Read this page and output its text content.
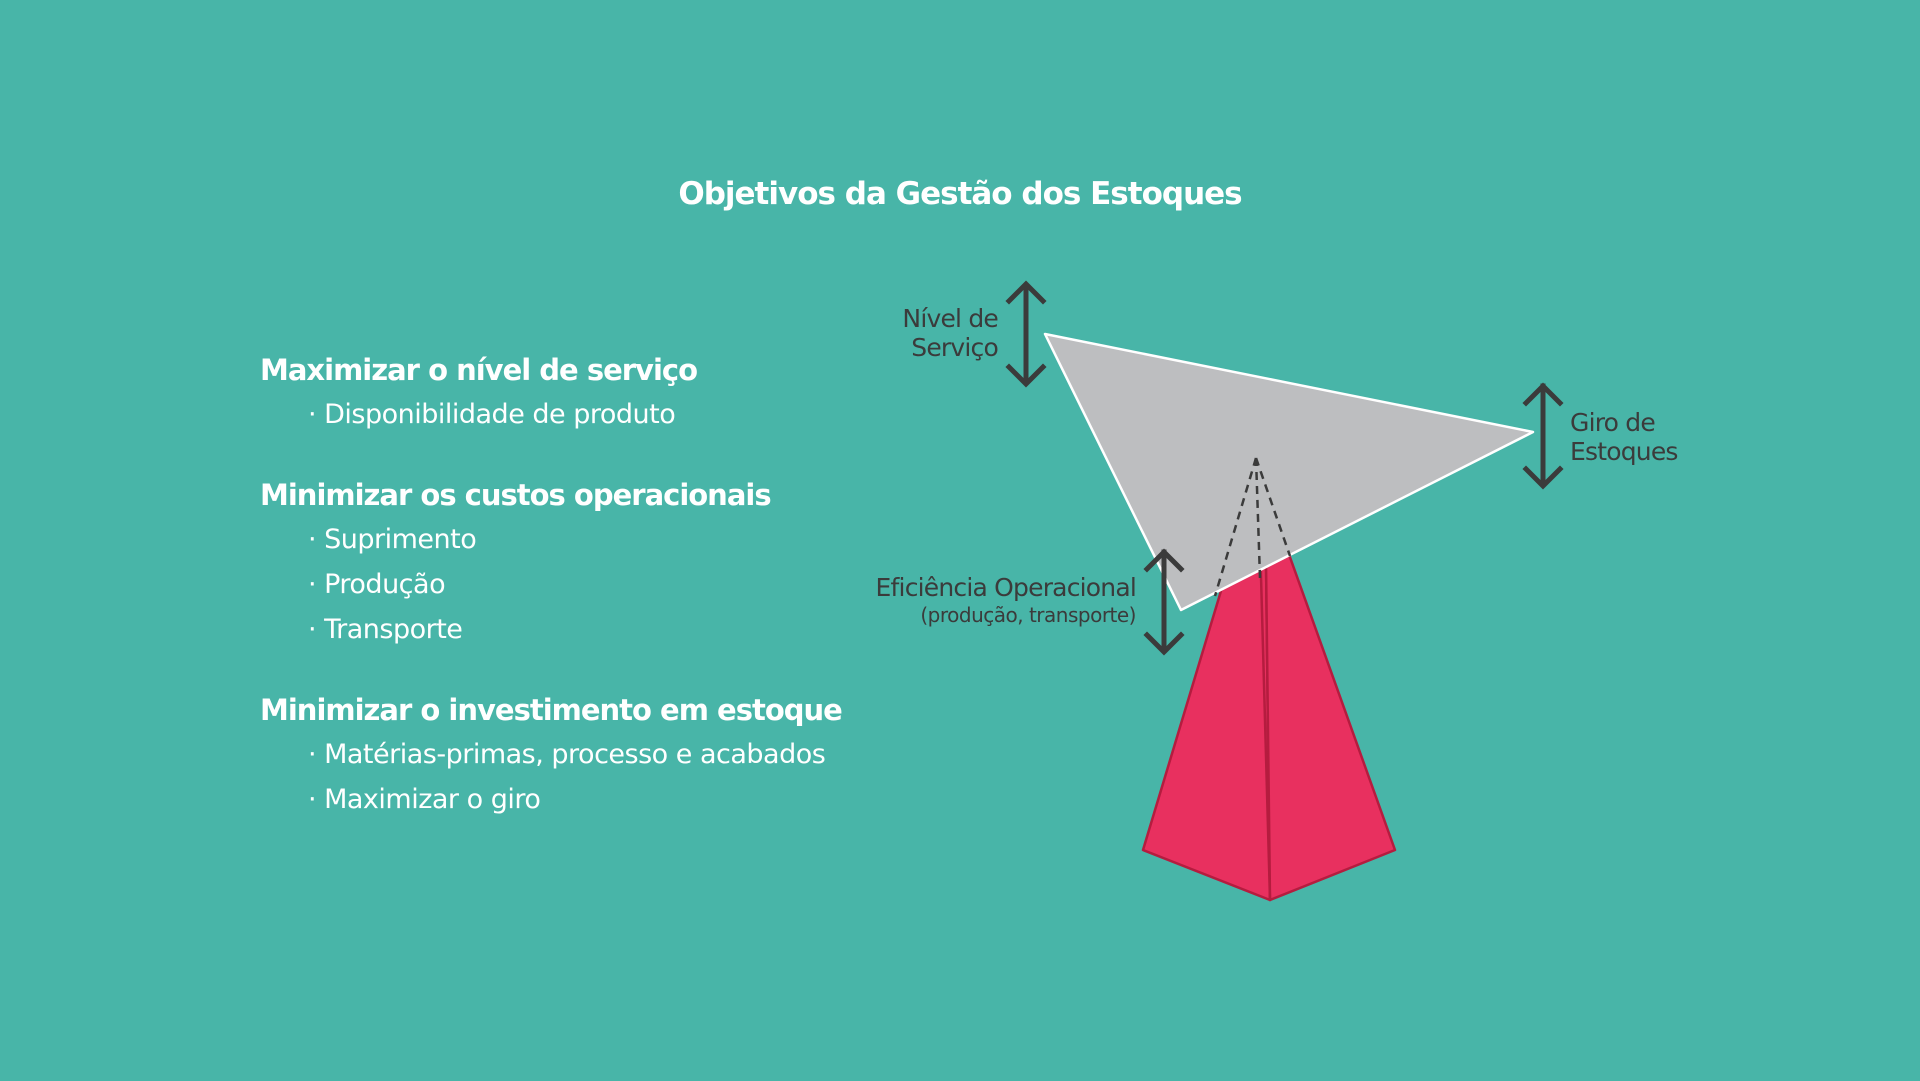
Objetivos da Gestão dos Estoques
Maximizar o nível de serviço
· Disponibilidade de produto
Minimizar os custos operacionais
· Suprimento
· Produção
· Transporte
Minimizar o investimento em estoque
· Matérias-primas, processo e acabados
· Maximizar o giro
Nível de
Serviço
Giro de
Estoques
Eficiência Operacional
(produção, transporte)
